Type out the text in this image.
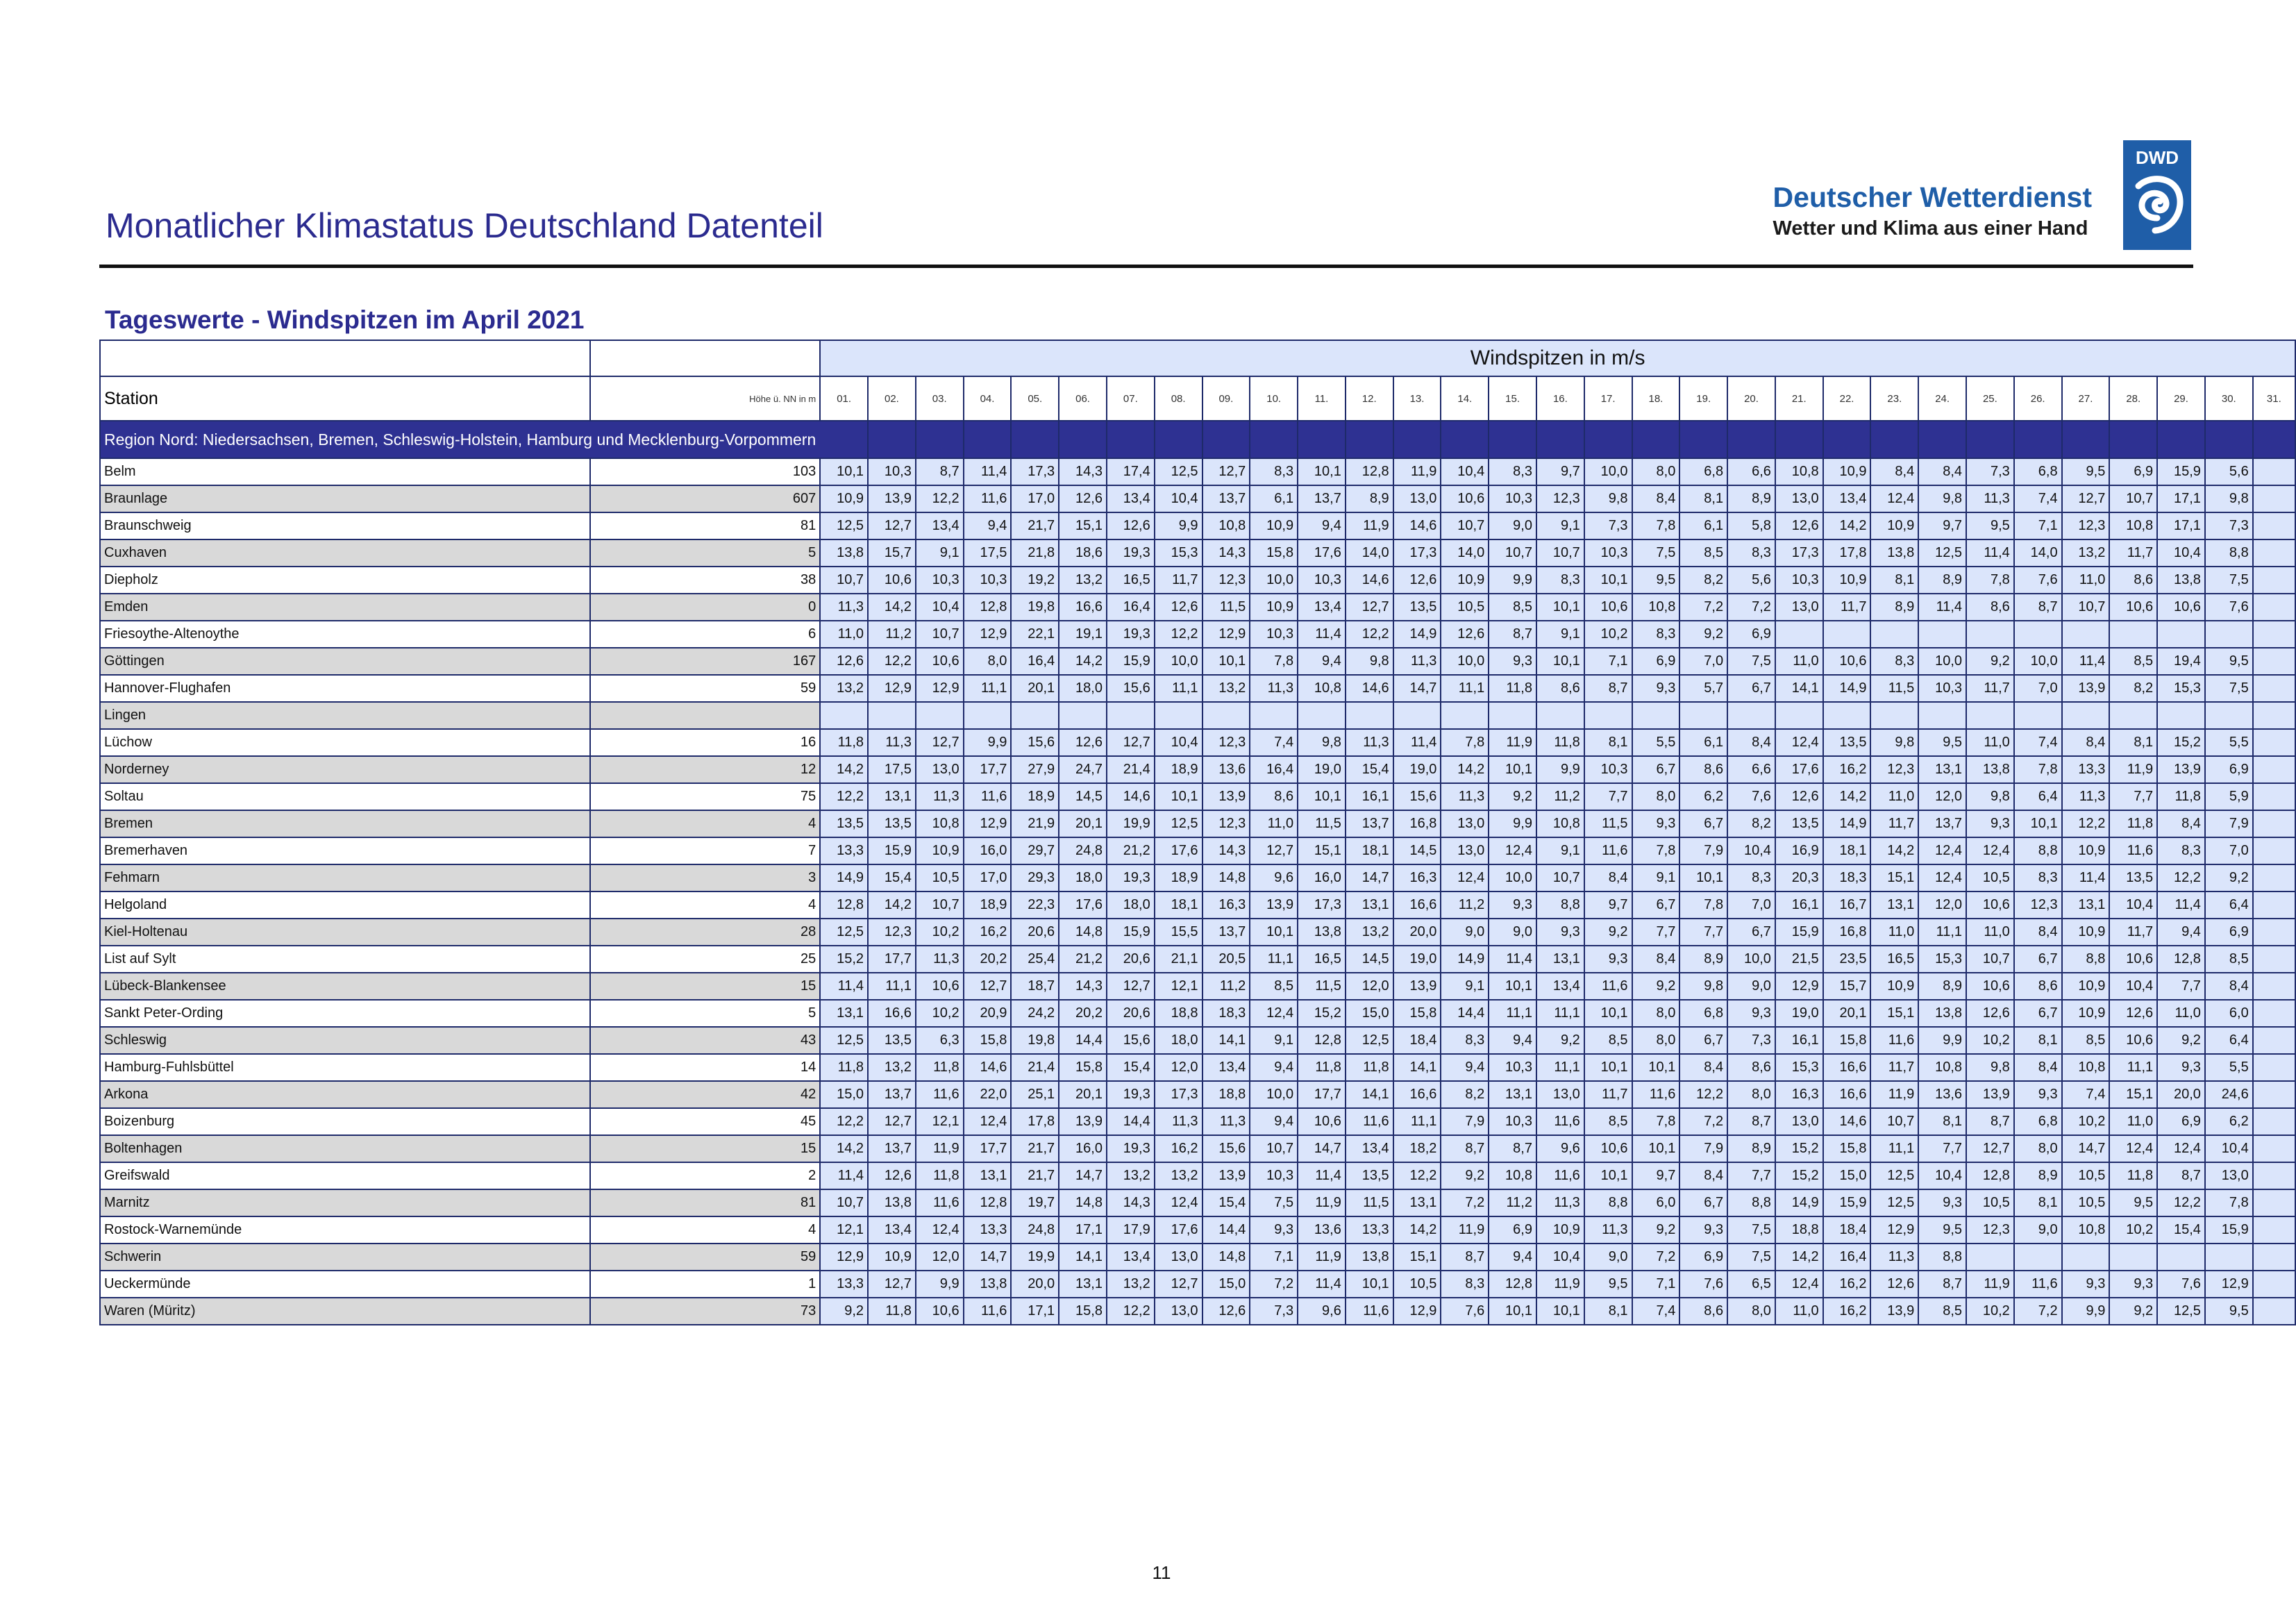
Monatlicher Klimastatus Deutschland Datenteil
Deutscher Wetterdienst
Wetter und Klima aus einer Hand
DWD
Tageswerte - Windspitzen im April 2021
		Windspitzen in m/s																														
Station	Höhe ü. NN in m	01.	02.	03.	04.	05.	06.	07.	08.	09.	10.	11.	12.	13.	14.	15.	16.	17.	18.	19.	20.	21.	22.	23.	24.	25.	26.	27.	28.	29.	30.	31.
Region Nord: Niedersachsen, Bremen, Schleswig-Holstein, Hamburg und Mecklenburg-Vorpommern																																
Belm	103	10,1	10,3	8,7	11,4	17,3	14,3	17,4	12,5	12,7	8,3	10,1	12,8	11,9	10,4	8,3	9,7	10,0	8,0	6,8	6,6	10,8	10,9	8,4	8,4	7,3	6,8	9,5	6,9	15,9	5,6	
Braunlage	607	10,9	13,9	12,2	11,6	17,0	12,6	13,4	10,4	13,7	6,1	13,7	8,9	13,0	10,6	10,3	12,3	9,8	8,4	8,1	8,9	13,0	13,4	12,4	9,8	11,3	7,4	12,7	10,7	17,1	9,8	
Braunschweig	81	12,5	12,7	13,4	9,4	21,7	15,1	12,6	9,9	10,8	10,9	9,4	11,9	14,6	10,7	9,0	9,1	7,3	7,8	6,1	5,8	12,6	14,2	10,9	9,7	9,5	7,1	12,3	10,8	17,1	7,3	
Cuxhaven	5	13,8	15,7	9,1	17,5	21,8	18,6	19,3	15,3	14,3	15,8	17,6	14,0	17,3	14,0	10,7	10,7	10,3	7,5	8,5	8,3	17,3	17,8	13,8	12,5	11,4	14,0	13,2	11,7	10,4	8,8	
Diepholz	38	10,7	10,6	10,3	10,3	19,2	13,2	16,5	11,7	12,3	10,0	10,3	14,6	12,6	10,9	9,9	8,3	10,1	9,5	8,2	5,6	10,3	10,9	8,1	8,9	7,8	7,6	11,0	8,6	13,8	7,5	
Emden	0	11,3	14,2	10,4	12,8	19,8	16,6	16,4	12,6	11,5	10,9	13,4	12,7	13,5	10,5	8,5	10,1	10,6	10,8	7,2	7,2	13,0	11,7	8,9	11,4	8,6	8,7	10,7	10,6	10,6	7,6	
Friesoythe-Altenoythe	6	11,0	11,2	10,7	12,9	22,1	19,1	19,3	12,2	12,9	10,3	11,4	12,2	14,9	12,6	8,7	9,1	10,2	8,3	9,2	6,9											
Göttingen	167	12,6	12,2	10,6	8,0	16,4	14,2	15,9	10,0	10,1	7,8	9,4	9,8	11,3	10,0	9,3	10,1	7,1	6,9	7,0	7,5	11,0	10,6	8,3	10,0	9,2	10,0	11,4	8,5	19,4	9,5	
Hannover-Flughafen	59	13,2	12,9	12,9	11,1	20,1	18,0	15,6	11,1	13,2	11,3	10,8	14,6	14,7	11,1	11,8	8,6	8,7	9,3	5,7	6,7	14,1	14,9	11,5	10,3	11,7	7,0	13,9	8,2	15,3	7,5	
Lingen																																
Lüchow	16	11,8	11,3	12,7	9,9	15,6	12,6	12,7	10,4	12,3	7,4	9,8	11,3	11,4	7,8	11,9	11,8	8,1	5,5	6,1	8,4	12,4	13,5	9,8	9,5	11,0	7,4	8,4	8,1	15,2	5,5	
Norderney	12	14,2	17,5	13,0	17,7	27,9	24,7	21,4	18,9	13,6	16,4	19,0	15,4	19,0	14,2	10,1	9,9	10,3	6,7	8,6	6,6	17,6	16,2	12,3	13,1	13,8	7,8	13,3	11,9	13,9	6,9	
Soltau	75	12,2	13,1	11,3	11,6	18,9	14,5	14,6	10,1	13,9	8,6	10,1	16,1	15,6	11,3	9,2	11,2	7,7	8,0	6,2	7,6	12,6	14,2	11,0	12,0	9,8	6,4	11,3	7,7	11,8	5,9	
Bremen	4	13,5	13,5	10,8	12,9	21,9	20,1	19,9	12,5	12,3	11,0	11,5	13,7	16,8	13,0	9,9	10,8	11,5	9,3	6,7	8,2	13,5	14,9	11,7	13,7	9,3	10,1	12,2	11,8	8,4	7,9	
Bremerhaven	7	13,3	15,9	10,9	16,0	29,7	24,8	21,2	17,6	14,3	12,7	15,1	18,1	14,5	13,0	12,4	9,1	11,6	7,8	7,9	10,4	16,9	18,1	14,2	12,4	12,4	8,8	10,9	11,6	8,3	7,0	
Fehmarn	3	14,9	15,4	10,5	17,0	29,3	18,0	19,3	18,9	14,8	9,6	16,0	14,7	16,3	12,4	10,0	10,7	8,4	9,1	10,1	8,3	20,3	18,3	15,1	12,4	10,5	8,3	11,4	13,5	12,2	9,2	
Helgoland	4	12,8	14,2	10,7	18,9	22,3	17,6	18,0	18,1	16,3	13,9	17,3	13,1	16,6	11,2	9,3	8,8	9,7	6,7	7,8	7,0	16,1	16,7	13,1	12,0	10,6	12,3	13,1	10,4	11,4	6,4	
Kiel-Holtenau	28	12,5	12,3	10,2	16,2	20,6	14,8	15,9	15,5	13,7	10,1	13,8	13,2	20,0	9,0	9,0	9,3	9,2	7,7	7,7	6,7	15,9	16,8	11,0	11,1	11,0	8,4	10,9	11,7	9,4	6,9	
List auf Sylt	25	15,2	17,7	11,3	20,2	25,4	21,2	20,6	21,1	20,5	11,1	16,5	14,5	19,0	14,9	11,4	13,1	9,3	8,4	8,9	10,0	21,5	23,5	16,5	15,3	10,7	6,7	8,8	10,6	12,8	8,5	
Lübeck-Blankensee	15	11,4	11,1	10,6	12,7	18,7	14,3	12,7	12,1	11,2	8,5	11,5	12,0	13,9	9,1	10,1	13,4	11,6	9,2	9,8	9,0	12,9	15,7	10,9	8,9	10,6	8,6	10,9	10,4	7,7	8,4	
Sankt Peter-Ording	5	13,1	16,6	10,2	20,9	24,2	20,2	20,6	18,8	18,3	12,4	15,2	15,0	15,8	14,4	11,1	11,1	10,1	8,0	6,8	9,3	19,0	20,1	15,1	13,8	12,6	6,7	10,9	12,6	11,0	6,0	
Schleswig	43	12,5	13,5	6,3	15,8	19,8	14,4	15,6	18,0	14,1	9,1	12,8	12,5	18,4	8,3	9,4	9,2	8,5	8,0	6,7	7,3	16,1	15,8	11,6	9,9	10,2	8,1	8,5	10,6	9,2	6,4	
Hamburg-Fuhlsbüttel	14	11,8	13,2	11,8	14,6	21,4	15,8	15,4	12,0	13,4	9,4	11,8	11,8	14,1	9,4	10,3	11,1	10,1	10,1	8,4	8,6	15,3	16,6	11,7	10,8	9,8	8,4	10,8	11,1	9,3	5,5	
Arkona	42	15,0	13,7	11,6	22,0	25,1	20,1	19,3	17,3	18,8	10,0	17,7	14,1	16,6	8,2	13,1	13,0	11,7	11,6	12,2	8,0	16,3	16,6	11,9	13,6	13,9	9,3	7,4	15,1	20,0	24,6	
Boizenburg	45	12,2	12,7	12,1	12,4	17,8	13,9	14,4	11,3	11,3	9,4	10,6	11,6	11,1	7,9	10,3	11,6	8,5	7,8	7,2	8,7	13,0	14,6	10,7	8,1	8,7	6,8	10,2	11,0	6,9	6,2	
Boltenhagen	15	14,2	13,7	11,9	17,7	21,7	16,0	19,3	16,2	15,6	10,7	14,7	13,4	18,2	8,7	8,7	9,6	10,6	10,1	7,9	8,9	15,2	15,8	11,1	7,7	12,7	8,0	14,7	12,4	12,4	10,4	
Greifswald	2	11,4	12,6	11,8	13,1	21,7	14,7	13,2	13,2	13,9	10,3	11,4	13,5	12,2	9,2	10,8	11,6	10,1	9,7	8,4	7,7	15,2	15,0	12,5	10,4	12,8	8,9	10,5	11,8	8,7	13,0	
Marnitz	81	10,7	13,8	11,6	12,8	19,7	14,8	14,3	12,4	15,4	7,5	11,9	11,5	13,1	7,2	11,2	11,3	8,8	6,0	6,7	8,8	14,9	15,9	12,5	9,3	10,5	8,1	10,5	9,5	12,2	7,8	
Rostock-Warnemünde	4	12,1	13,4	12,4	13,3	24,8	17,1	17,9	17,6	14,4	9,3	13,6	13,3	14,2	11,9	6,9	10,9	11,3	9,2	9,3	7,5	18,8	18,4	12,9	9,5	12,3	9,0	10,8	10,2	15,4	15,9	
Schwerin	59	12,9	10,9	12,0	14,7	19,9	14,1	13,4	13,0	14,8	7,1	11,9	13,8	15,1	8,7	9,4	10,4	9,0	7,2	6,9	7,5	14,2	16,4	11,3	8,8							
Ueckermünde	1	13,3	12,7	9,9	13,8	20,0	13,1	13,2	12,7	15,0	7,2	11,4	10,1	10,5	8,3	12,8	11,9	9,5	7,1	7,6	6,5	12,4	16,2	12,6	8,7	11,9	11,6	9,3	9,3	7,6	12,9	
Waren (Müritz)	73	9,2	11,8	10,6	11,6	17,1	15,8	12,2	13,0	12,6	7,3	9,6	11,6	12,9	7,6	10,1	10,1	8,1	7,4	8,6	8,0	11,0	16,2	13,9	8,5	10,2	7,2	9,9	9,2	12,5	9,5	
11
